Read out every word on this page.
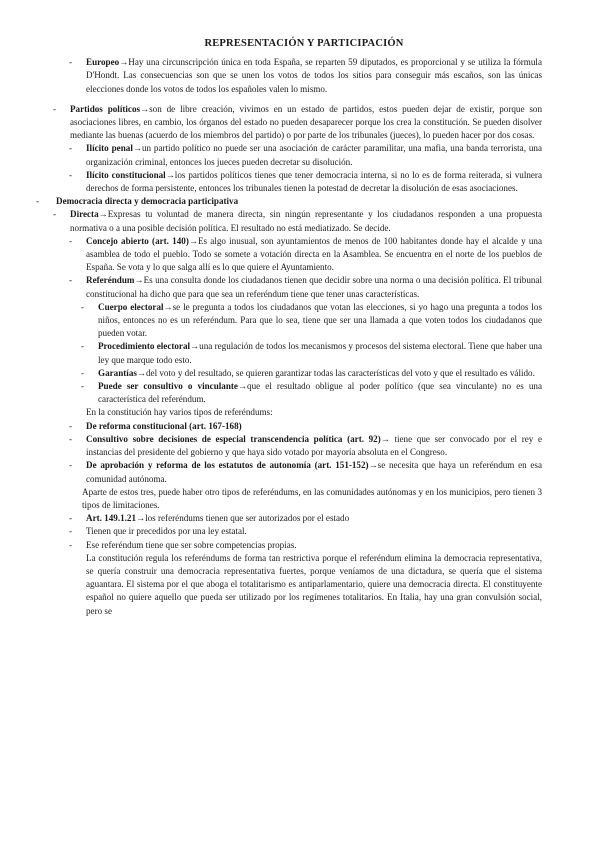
REPRESENTACIÓN Y PARTICIPACIÓN
- Europeo→Hay una circunscripción única en toda España, se reparten 59 diputados, es proporcional y se utiliza la fórmula D'Hondt. Las consecuencias son que se unen los votos de todos los sitios para conseguir más escaños, son las únicas elecciones donde los votos de todos los españoles valen lo mismo.
- Partidos políticos→son de libre creación, vivimos en un estado de partidos, estos pueden dejar de existir, porque son asociaciones libres, en cambio, los órganos del estado no pueden desaparecer porque los crea la constitución. Se pueden disolver mediante las buenas (acuerdo de los miembros del partido) o por parte de los tribunales (jueces), lo pueden hacer por dos cosas.
- Ilícito penal→un partido político no puede ser una asociación de carácter paramilitar, una mafia, una banda terrorista, una organización criminal, entonces los jueces pueden decretar su disolución.
- Ilícito constitucional→los partidos políticos tienes que tener democracia interna, si no lo es de forma reiterada, si vulnera derechos de forma persistente, entonces los tribunales tienen la potestad de decretar la disolución de esas asociaciones.
- Democracia directa y democracia participativa
- Directa→Expresas tu voluntad de manera directa, sin ningún representante y los ciudadanos responden a una propuesta normativa o a una posible decisión política. El resultado no está mediatizado. Se decide.
- Concejo abierto (art. 140)→Es algo inusual, son ayuntamientos de menos de 100 habitantes donde hay el alcalde y una asamblea de todo el pueblo. Todo se somete a votación directa en la Asamblea. Se encuentra en el norte de los pueblos de España. Se vota y lo que salga allí es lo que quiere el Ayuntamiento.
- Referéndum→Es una consulta donde los ciudadanos tienen que decidir sobre una norma o una decisión política. El tribunal constitucional ha dicho que para que sea un referéndum tiene que tener unas características.
- Cuerpo electoral→se le pregunta a todos los ciudadanos que votan las elecciones, si yo hago una pregunta a todos los niños, entonces no es un referéndum. Para que lo sea, tiene que ser una llamada a que voten todos los ciudadanos que pueden votar.
- Procedimiento electoral→una regulación de todos los mecanismos y procesos del sistema electoral. Tiene que haber una ley que marque todo esto.
- Garantías→del voto y del resultado, se quieren garantizar todas las características del voto y que el resultado es válido.
- Puede ser consultivo o vinculante→que el resultado obligue al poder político (que sea vinculante) no es una característica del referéndum.
En la constitución hay varios tipos de referéndums:
- De reforma constitucional (art. 167-168)
- Consultivo sobre decisiones de especial transcendencia política (art. 92)→ tiene que ser convocado por el rey e instancias del presidente del gobierno y que haya sido votado por mayoría absoluta en el Congreso.
- De aprobación y reforma de los estatutos de autonomía (art. 151-152)→se necesita que haya un referéndum en esa comunidad autónoma.
Aparte de estos tres, puede haber otro tipos de referéndums, en las comunidades autónomas y en los municipios, pero tienen 3 tipos de limitaciones.
- Art. 149.1.21→los referéndums tienen que ser autorizados por el estado
- Tienen que ir precedidos por una ley estatal.
- Ese referéndum tiene que ser sobre competencias propias.
La constitución regula los referéndums de forma tan restrictiva porque el referéndum elimina la democracia representativa, se quería construir una democracia representativa fuertes, porque veníamos de una dictadura, se quería que el sistema aguantara. El sistema por el que aboga el totalitarismo es antiparlamentario, quiere una democracia directa. El constituyente español no quiere aquello que pueda ser utilizado por los regímenes totalitarios. En Italia, hay una gran convulsión social, pero se
